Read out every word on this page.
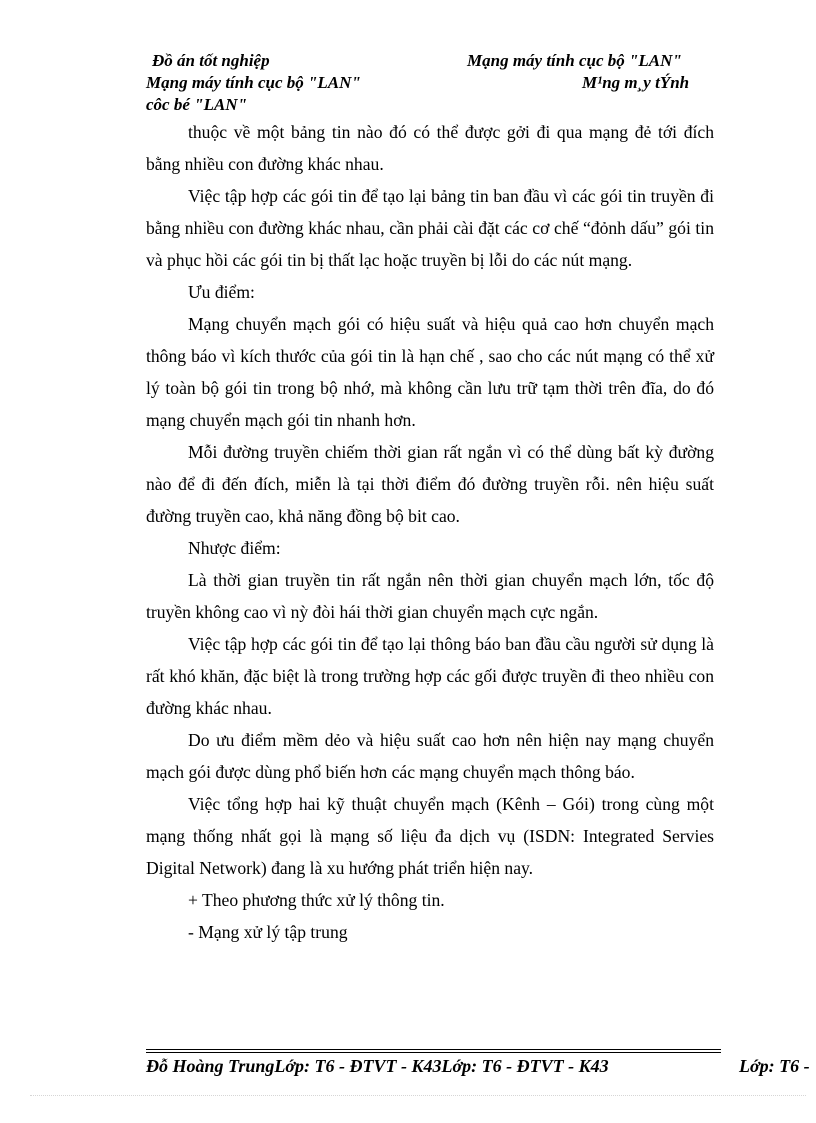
Đồ án tốt nghiệp	Mạng máy tính cục bộ "LAN"
Mạng máy tính cục bộ "LAN"	M¹ng m¸y tÝnh
côc bé "LAN"

thuộc về một bảng tin nào đó có thể được gởi đi qua mạng đẻ tới đích bằng nhiều con đường khác nhau.

Việc tập hợp các gói tin để tạo lại bảng tin ban đầu vì các gói tin truyền đi bằng nhiều con đường khác nhau, cần phải cài đặt các cơ chế “đỏnh dấu” gói tin và phục hồi các gói tin bị thất lạc hoặc truyền bị lỗi do các nút mạng.

Ưu điểm:

Mạng chuyển mạch gói có hiệu suất và hiệu quả cao hơn chuyển mạch thông báo vì kích thước của gói tin là hạn chế , sao cho các nút mạng có thể xử lý toàn bộ gói tin trong bộ nhớ, mà không cần lưu trữ tạm thời trên đĩa, do đó mạng chuyển mạch gói tin nhanh hơn.

Mỗi đường truyền chiếm thời gian rất ngắn vì có thể dùng bất kỳ đường nào để đi đến đích, miễn là tại thời điểm đó đường truyền rỗi. nên hiệu suất đường truyền cao, khả năng đồng bộ bit cao.

Nhược điểm:

Là thời gian truyền tin rất ngắn nên thời gian chuyển mạch lớn, tốc độ truyền không cao vì nỳ đòi hái thời gian chuyển mạch cực ngắn.

Việc tập hợp các gói tin để tạo lại thông báo ban đầu cầu người sử dụng là rất khó khăn, đặc biệt là trong trường hợp các gối được truyền đi theo nhiều con đường khác nhau.

Do ưu điểm mềm dẻo và hiệu suất cao hơn nên hiện nay mạng chuyển mạch gói được dùng phổ biến hơn các mạng chuyển mạch thông báo.

Việc tổng hợp hai kỹ thuật chuyển mạch (Kênh – Gói) trong cùng một mạng thống nhất gọi là mạng số liệu đa dịch vụ (ISDN: Integrated Servies Digital Network) đang là xu hướng phát triển hiện nay.

+ Theo phương thức xử lý thông tin.

- Mạng xử lý tập trung

Đỗ Hoàng TrungLớp: T6 - ĐTVT - K43Lớp: T6 - ĐTVT - K43	Lớp: T6 -
